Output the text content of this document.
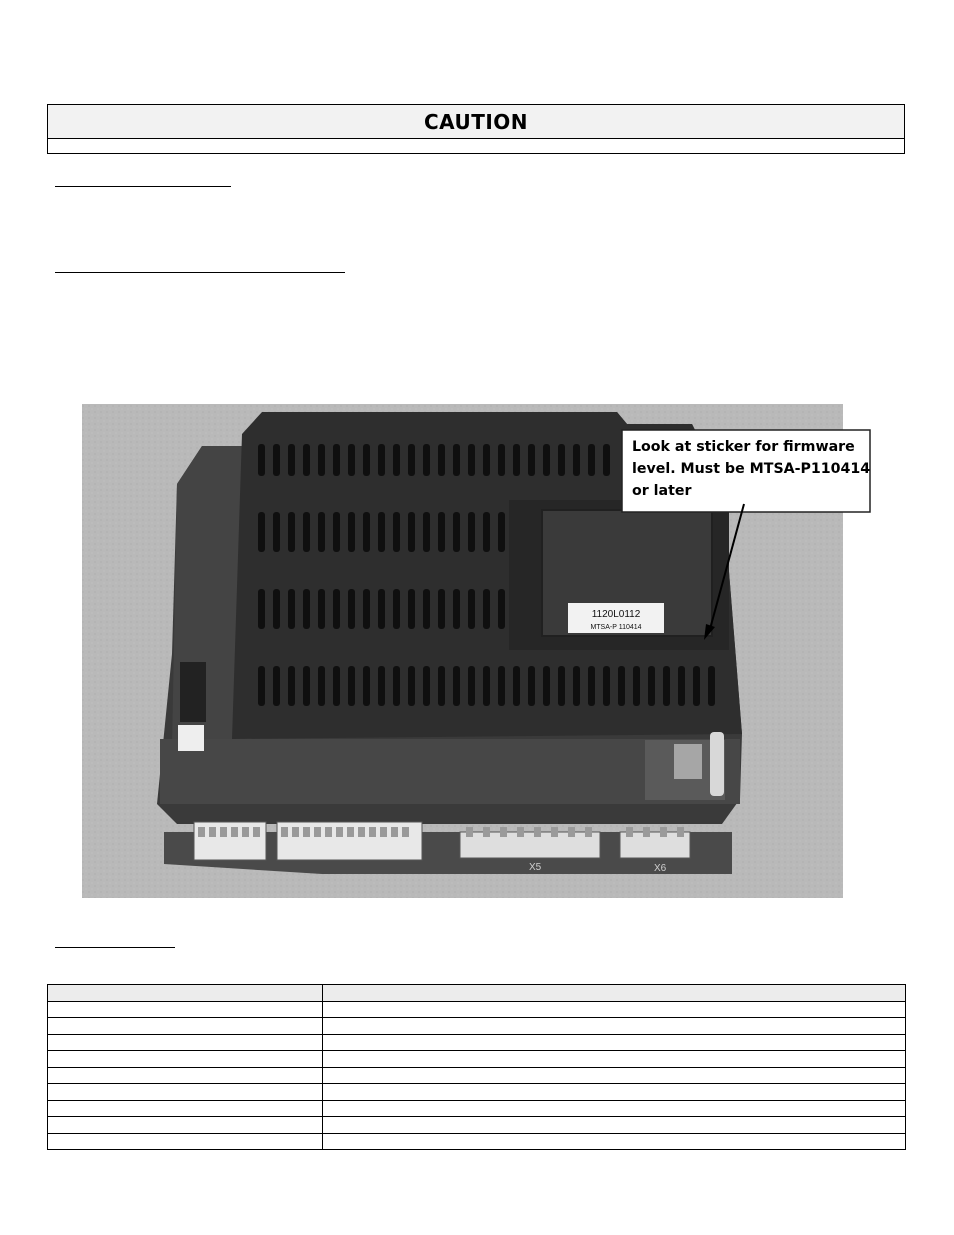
CAUTION
1120L0112
MTSA-P 110414
X5	X6
Look at sticker for firmware
level. Must be MTSA-P110414
or later
